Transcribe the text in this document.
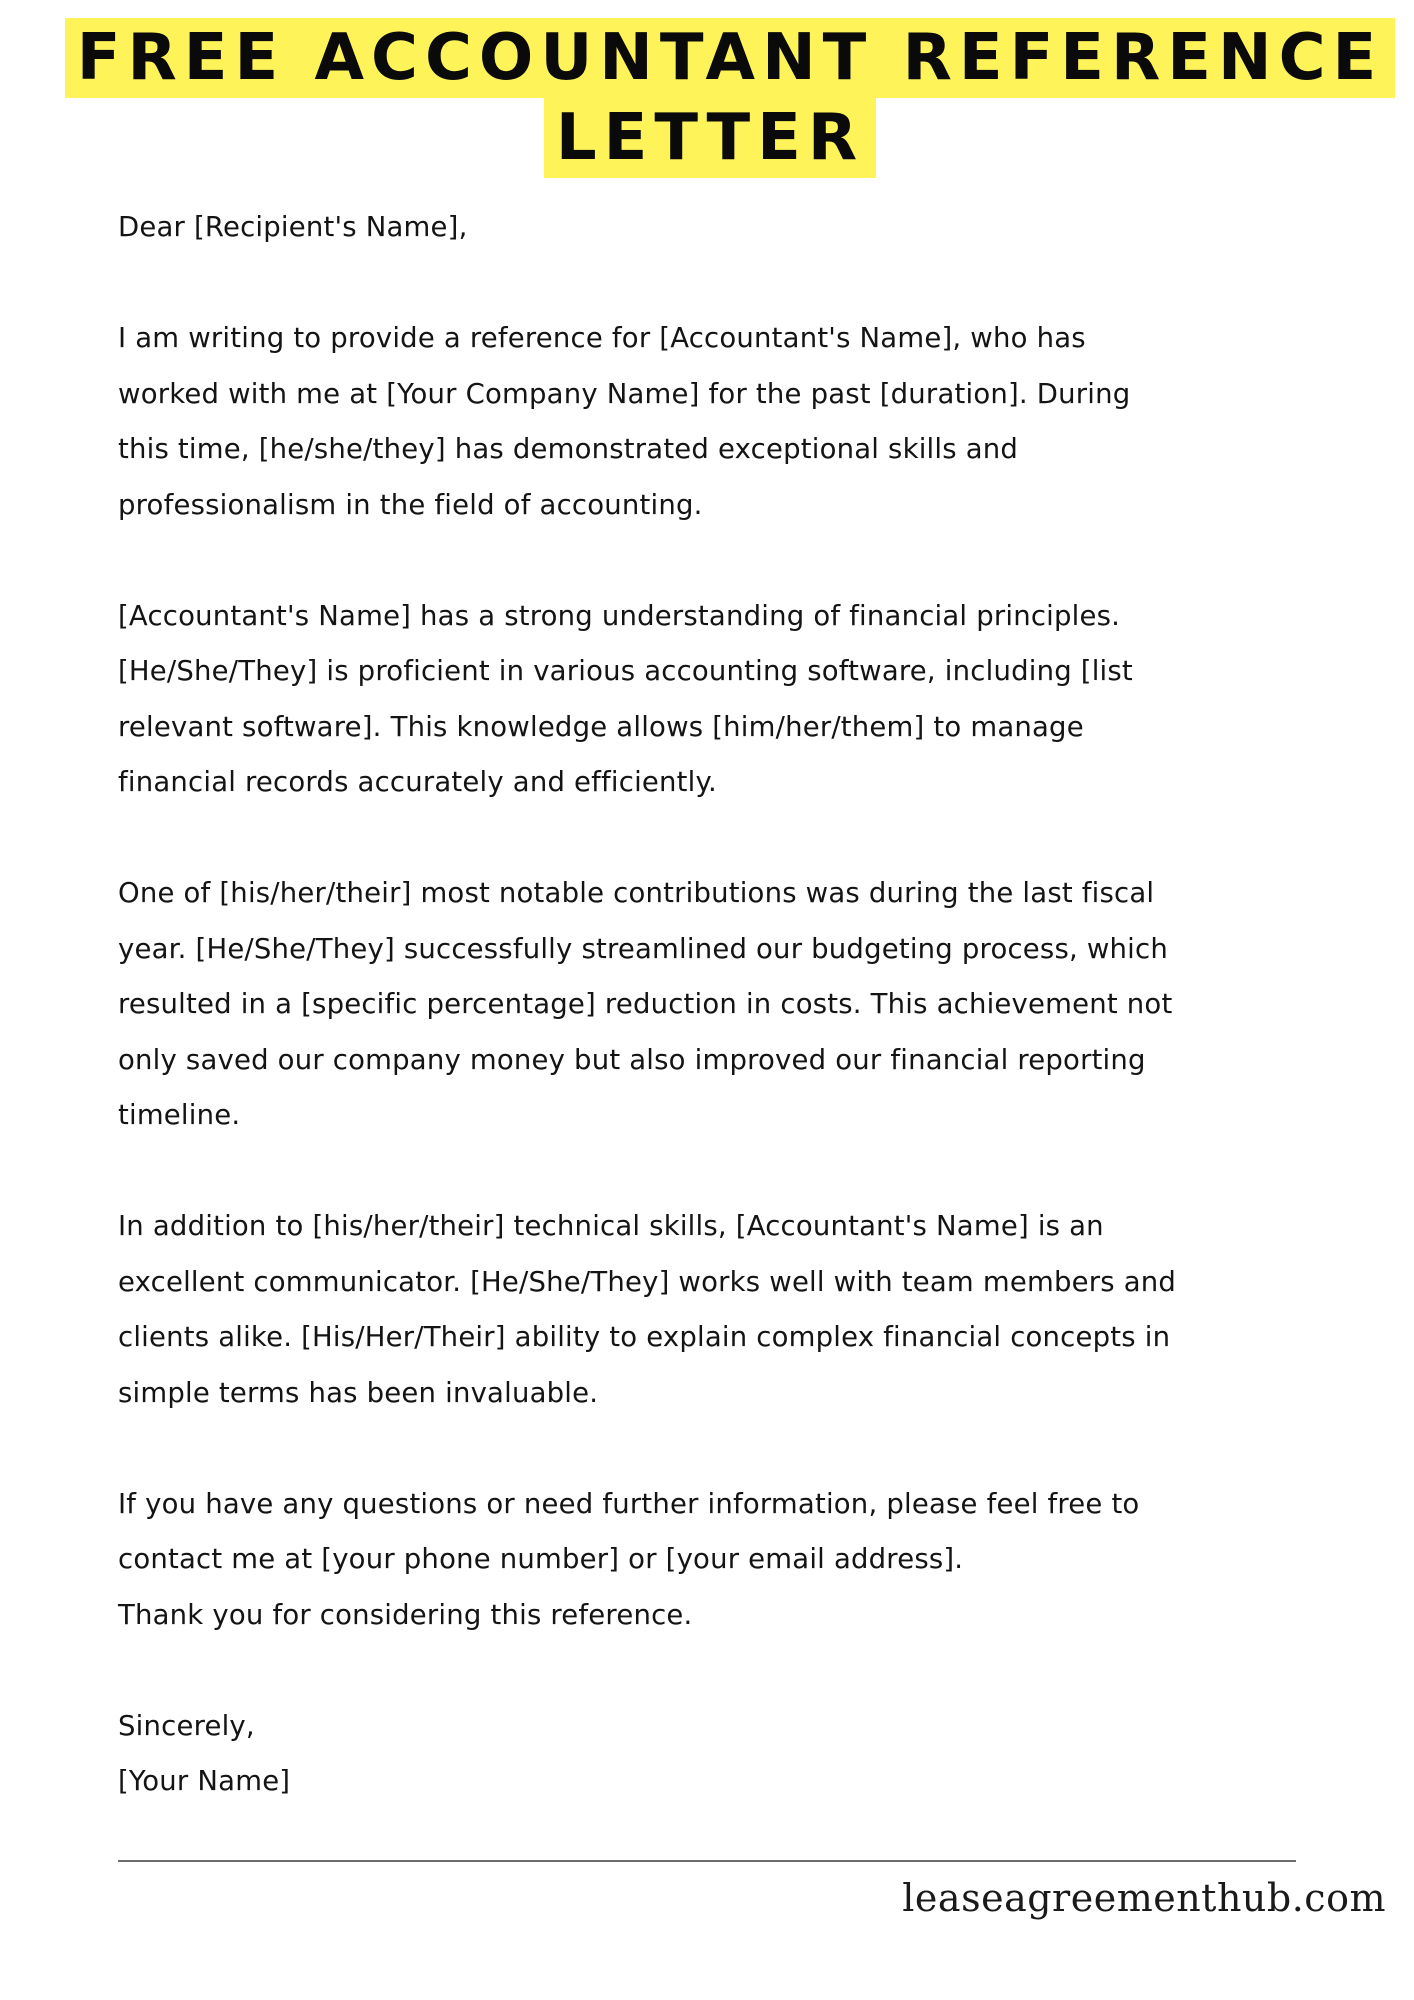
FREE ACCOUNTANT REFERENCE
LETTER

Dear [Recipient's Name],

I am writing to provide a reference for [Accountant's Name], who has

worked with me at [Your Company Name] for the past [duration]. During

this time, [he/she/they] has demonstrated exceptional skills and

professionalism in the field of accounting.

[Accountant's Name] has a strong understanding of financial principles.

[He/She/They] is proficient in various accounting software, including [list

relevant software]. This knowledge allows [him/her/them] to manage

financial records accurately and efficiently.

One of [his/her/their] most notable contributions was during the last fiscal

year. [He/She/They] successfully streamlined our budgeting process, which

resulted in a [specific percentage] reduction in costs. This achievement not

only saved our company money but also improved our financial reporting

timeline.

In addition to [his/her/their] technical skills, [Accountant's Name] is an

excellent communicator. [He/She/They] works well with team members and

clients alike. [His/Her/Their] ability to explain complex financial concepts in

simple terms has been invaluable.

If you have any questions or need further information, please feel free to

contact me at [your phone number] or [your email address].

Thank you for considering this reference.

Sincerely,

[Your Name]

leaseagreementhub.com
